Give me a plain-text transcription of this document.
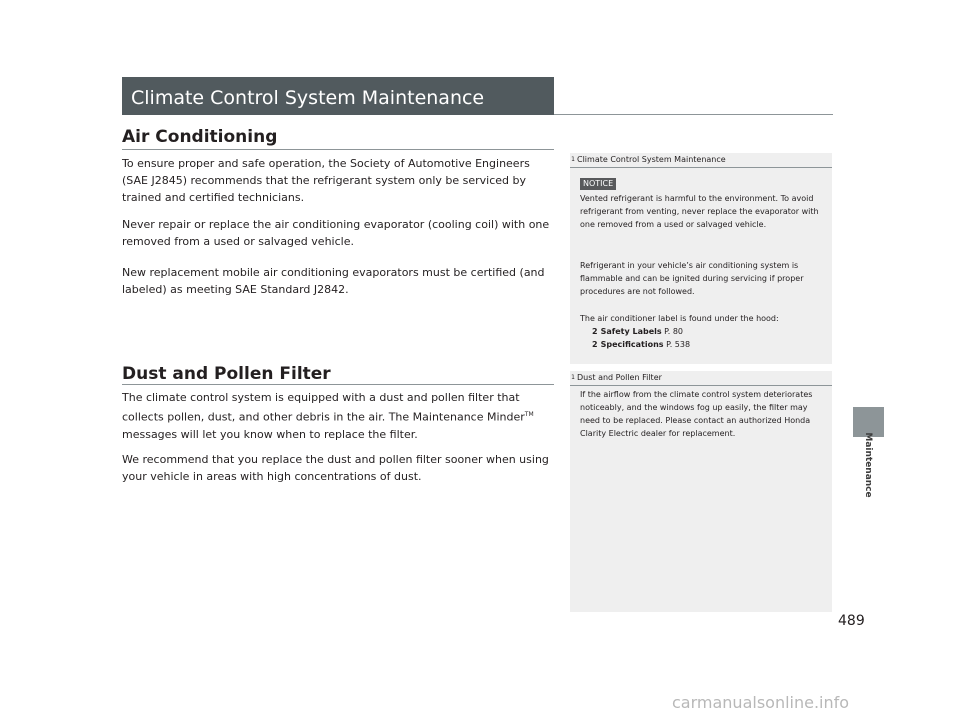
Climate Control System Maintenance
Air Conditioning

To ensure proper and safe operation, the Society of Automotive Engineers (SAE J2845) recommends that the refrigerant system only be serviced by trained and certified technicians.

Never repair or replace the air conditioning evaporator (cooling coil) with one removed from a used or salvaged vehicle.

New replacement mobile air conditioning evaporators must be certified (and labeled) as meeting SAE Standard J2842.

Dust and Pollen Filter

The climate control system is equipped with a dust and pollen filter that collects pollen, dust, and other debris in the air. The Maintenance Minder™ messages will let you know when to replace the filter.

We recommend that you replace the dust and pollen filter sooner when using your vehicle in areas with high concentrations of dust.

1 Climate Control System Maintenance
NOTICE

Vented refrigerant is harmful to the environment. To avoid refrigerant from venting, never replace the evaporator with one removed from a used or salvaged vehicle.

Refrigerant in your vehicle’s air conditioning system is flammable and can be ignited during servicing if proper procedures are not followed.

The air conditioner label is found under the hood:

2 Safety Labels P. 80
2 Specifications P. 538
1 Dust and Pollen Filter

If the airflow from the climate control system deteriorates noticeably, and the windows fog up easily, the filter may need to be replaced. Please contact an authorized Honda Clarity Electric dealer for replacement.	Maintenance
489
carmanualsonline.info
